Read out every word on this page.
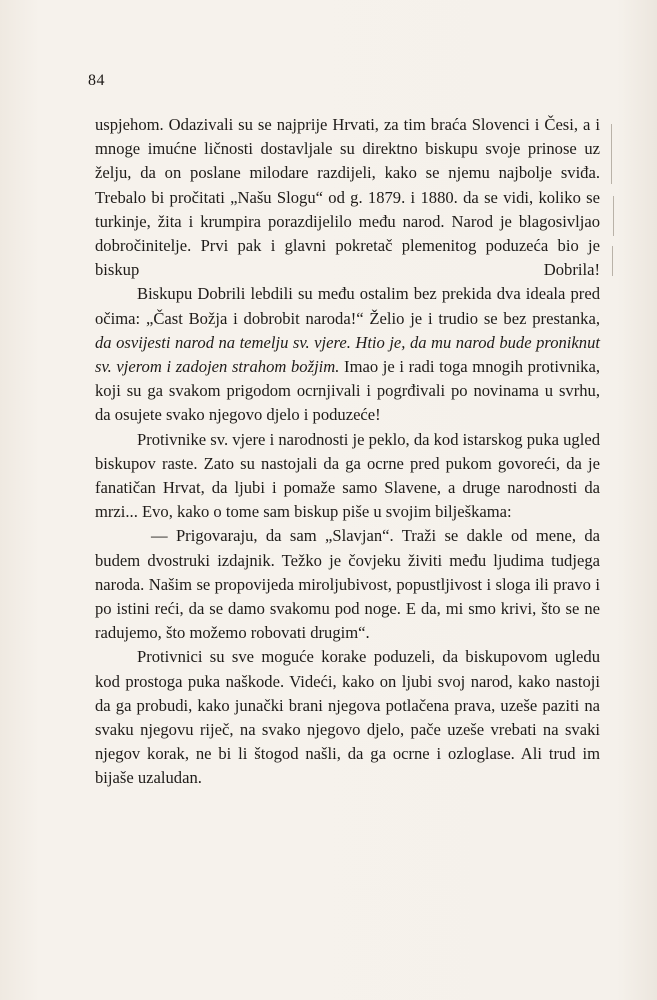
84

uspjehom. Odazivali su se najprije Hrvati, za tim braća Slovenci i Česi, a i mnoge imućne ličnosti dostavljale su direktno biskupu svoje prinose uz želju, da on poslane milodare razdijeli, kako se njemu najbolje sviđa. Trebalo bi pročitati „Našu Slogu“ od g. 1879. i 1880. da se vidi, koliko se turkinje, žita i krumpira porazdijelilo među narod. Narod je blagosivljao dobročinitelje. Prvi pak i glavni pokretač plemenitog poduzeća bio je biskup Dobrila!

Biskupu Dobrili lebdili su među ostalim bez prekida dva ideala pred očima: „Čast Božja i dobrobit naroda!“ Želio je i trudio se bez prestanka, da osvijesti narod na temelju sv. vjere. Htio je, da mu narod bude proniknut sv. vjerom i zadojen strahom božjim. Imao je i radi toga mnogih protivnika, koji su ga svakom prigodom ocrnjivali i pogrđivali po novinama u svrhu, da osujete svako njegovo djelo i poduzeće!

Protivnike sv. vjere i narodnosti je peklo, da kod istarskog puka ugled biskupov raste. Zato su nastojali da ga ocrne pred pukom govoreći, da je fanatičan Hrvat, da ljubi i pomaže samo Slavene, a druge narodnosti da mrzi... Evo, kako o tome sam biskup piše u svojim bilješkama:

— Prigovaraju, da sam „Slavjan“. Traži se dakle od mene, da budem dvostruki izdajnik. Težko je čovjeku živiti među ljudima tudjega naroda. Našim se propovijeda miroljubivost, popustljivost i sloga ili pravo i po istini reći, da se damo svakomu pod noge. E da, mi smo krivi, što se ne radujemo, što možemo robovati drugim“.

Protivnici su sve moguće korake poduzeli, da biskupovom ugledu kod prostoga puka naškode. Videći, kako on ljubi svoj narod, kako nastoji da ga probudi, kako junački brani njegova potlačena prava, uzeše paziti na svaku njegovu riječ, na svako njegovo djelo, pače uzeše vrebati na svaki njegov korak, ne bi li štogod našli, da ga ocrne i ozloglase. Ali trud im bijaše uzaludan.
